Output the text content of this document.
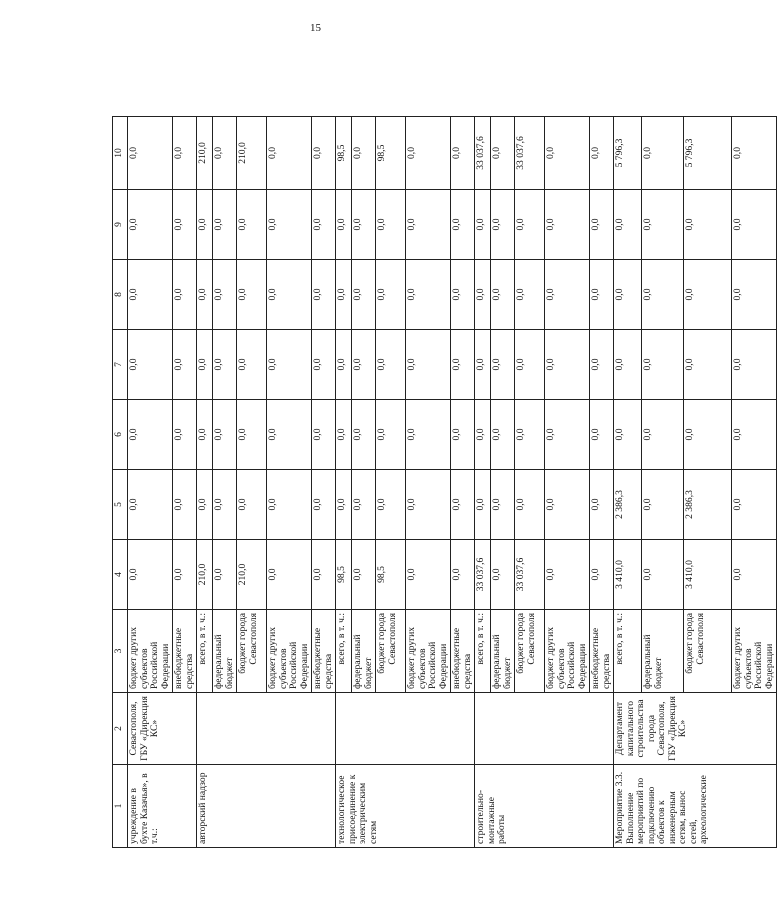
15
1	2	3	4	5	6	7	8	9	10
учреждение в бухте Казачья», в т.ч.:	Севастополя, ГБУ «Дирекция КС»	бюджет других субъектов Российской Федерации	0,0	0,0	0,0	0,0	0,0	0,0	0,0
		внебюджетные средства	0,0	0,0	0,0	0,0	0,0	0,0	0,0
авторский надзор		всего, в т. ч.:	210,0	0,0	0,0	0,0	0,0	0,0	210,0
		федеральный бюджет	0,0	0,0	0,0	0,0	0,0	0,0	0,0
		бюджет города Севастополя	210,0	0,0	0,0	0,0	0,0	0,0	210,0
		бюджет других субъектов Российской Федерации	0,0	0,0	0,0	0,0	0,0	0,0	0,0
		внебюджетные средства	0,0	0,0	0,0	0,0	0,0	0,0	0,0
технологическое присоединение к электрическим сетям		всего, в т. ч.:	98,5	0,0	0,0	0,0	0,0	0,0	98,5
		федеральный бюджет	0,0	0,0	0,0	0,0	0,0	0,0	0,0
		бюджет города Севастополя	98,5	0,0	0,0	0,0	0,0	0,0	98,5
		бюджет других субъектов Российской Федерации	0,0	0,0	0,0	0,0	0,0	0,0	0,0
		внебюджетные средства	0,0	0,0	0,0	0,0	0,0	0,0	0,0
строительно-монтажные работы		всего, в т. ч.:	33 037,6	0,0	0,0	0,0	0,0	0,0	33 037,6
		федеральный бюджет	0,0	0,0	0,0	0,0	0,0	0,0	0,0
		бюджет города Севастополя	33 037,6	0,0	0,0	0,0	0,0	0,0	33 037,6
		бюджет других субъектов Российской Федерации	0,0	0,0	0,0	0,0	0,0	0,0	0,0
		внебюджетные средства	0,0	0,0	0,0	0,0	0,0	0,0	0,0
Мероприятие 3.3. Выполнение мероприятий по подключению объектов к инженерным сетям, вынос сетей, археологические	Департамент капитального строительства города Севастополя, ГБУ «Дирекция КС»	всего, в т. ч.:	3 410,0	2 386,3	0,0	0,0	0,0	0,0	5 796,3
		федеральный бюджет	0,0	0,0	0,0	0,0	0,0	0,0	0,0
		бюджет города Севастополя	3 410,0	2 386,3	0,0	0,0	0,0	0,0	5 796,3
		бюджет других субъектов Российской Федерации	0,0	0,0	0,0	0,0	0,0	0,0	0,0
